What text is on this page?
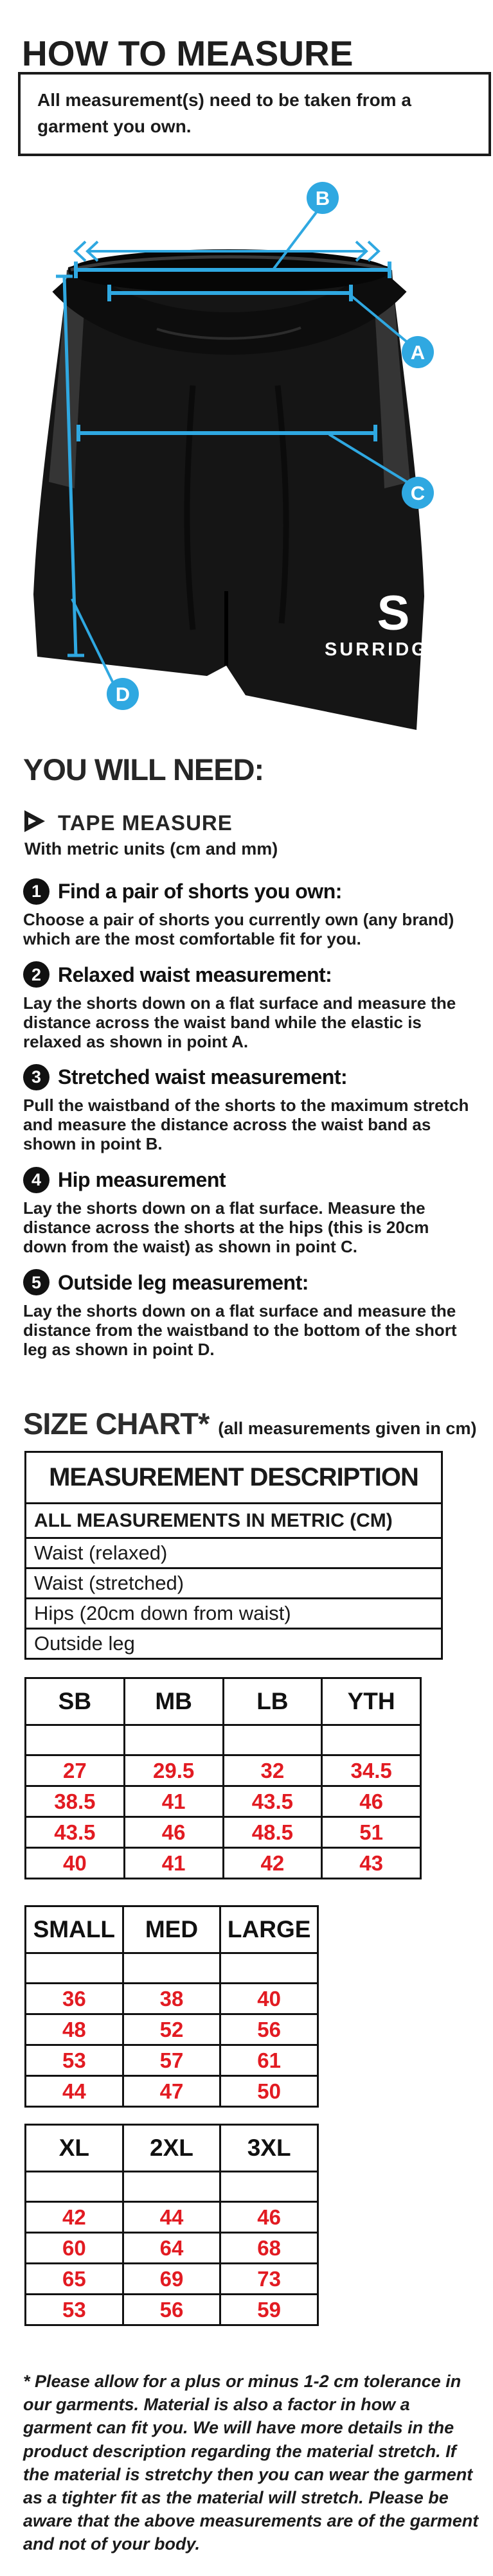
HOW TO MEASURE

All measurement(s) need to be taken from a garment you own.

S
SURRIDGE
B
A
C
D
YOU WILL NEED:
TAPE MEASURE
With metric units (cm and mm)
1 Find a pair of shorts you own:

Choose a pair of shorts you currently own (any brand) which are the most comfortable fit for you.

2 Relaxed waist measurement:

Lay the shorts down on a flat surface and measure the distance across the waist band while the elastic is relaxed as shown in point A.

3 Stretched waist measurement:

Pull the waistband of the shorts to the maximum stretch and measure the distance across the waist band as shown in point B.

4 Hip measurement

Lay the shorts down on a flat surface. Measure the distance across the shorts at the hips (this is 20cm down from the waist) as shown in point C.

5 Outside leg measurement:

Lay the shorts down on a flat surface and measure the distance from the waistband to the bottom of the short leg as shown in point D.

SIZE CHART* (all measurements given in cm)
MEASUREMENT DESCRIPTION
ALL MEASUREMENTS IN METRIC (CM)
Waist (relaxed)
Waist (stretched)
Hips (20cm down from waist)
Outside leg
SB	MB	LB	YTH

27	29.5	32	34.5
38.5	41	43.5	46
43.5	46	48.5	51
40	41	42	43
SMALL	MED	LARGE

36	38	40
48	52	56
53	57	61
44	47	50
XL	2XL	3XL

42	44	46
60	64	68
65	69	73
53	56	59

* Please allow for a plus or minus 1-2 cm tolerance in our garments. Material is also a factor in how a garment can fit you. We will have more details in the product description regarding the material stretch. If the material is stretchy then you can wear the garment as a tighter fit as the material will stretch. Please be aware that the above measurements are of the garment and not of your body.
